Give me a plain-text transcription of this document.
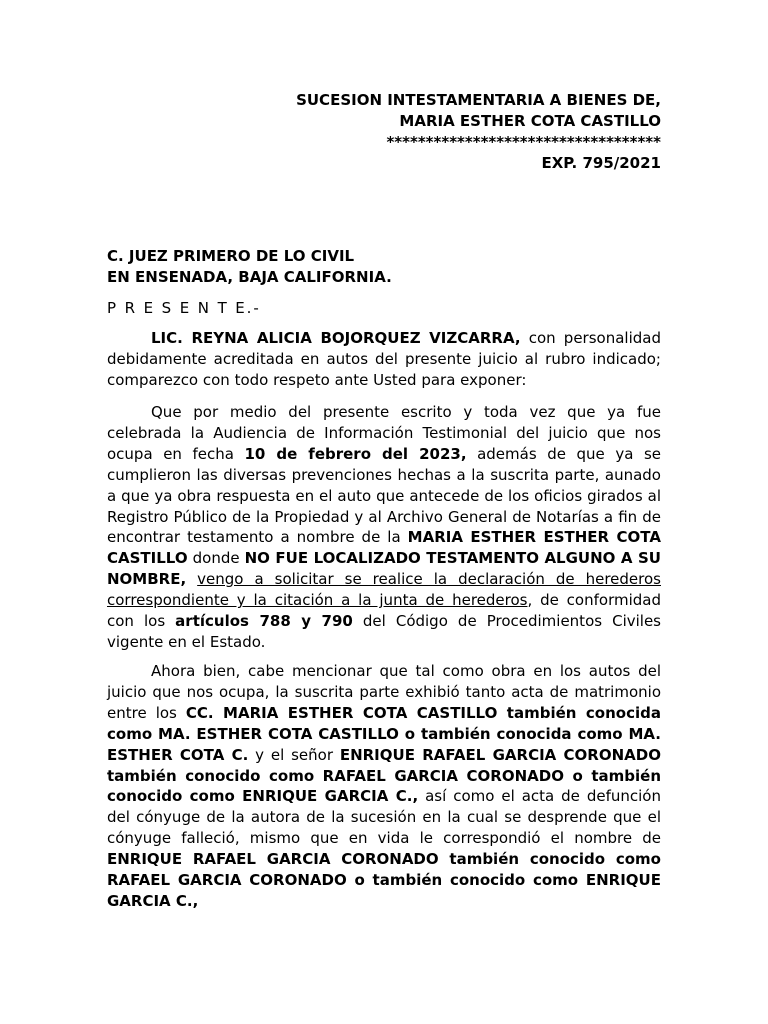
SUCESION INTESTAMENTARIA A BIENES DE,
MARIA ESTHER COTA CASTILLO
***********************************
EXP. 795/2021
C. JUEZ PRIMERO DE LO CIVIL
EN ENSENADA, BAJA CALIFORNIA.
P R E S E N T E.-

LIC. REYNA ALICIA BOJORQUEZ VIZCARRA, con personalidad debidamente acreditada en autos del presente juicio al rubro indicado; comparezco con todo respeto ante Usted para exponer:

Que por medio del presente escrito y toda vez que ya fue celebrada la Audiencia de Información Testimonial del juicio que nos ocupa en fecha 10 de febrero del 2023, además de que ya se cumplieron las diversas prevenciones hechas a la suscrita parte, aunado a que ya obra respuesta en el auto que antecede de los oficios girados al Registro Público de la Propiedad y al Archivo General de Notarías a fin de encontrar testamento a nombre de la MARIA ESTHER ESTHER COTA CASTILLO donde NO FUE LOCALIZADO TESTAMENTO ALGUNO A SU NOMBRE, vengo a solicitar se realice la declaración de herederos correspondiente y la citación a la junta de herederos, de conformidad con los artículos 788 y 790 del Código de Procedimientos Civiles vigente en el Estado.

Ahora bien, cabe mencionar que tal como obra en los autos del juicio que nos ocupa, la suscrita parte exhibió tanto acta de matrimonio entre los CC. MARIA ESTHER COTA CASTILLO también conocida como MA. ESTHER COTA CASTILLO o también conocida como MA. ESTHER COTA C. y el señor ENRIQUE RAFAEL GARCIA CORONADO también conocido como RAFAEL GARCIA CORONADO o también conocido como ENRIQUE GARCIA C., así como el acta de defunción del cónyuge de la autora de la sucesión en la cual se desprende que el cónyuge falleció, mismo que en vida le correspondió el nombre de ENRIQUE RAFAEL GARCIA CORONADO también conocido como RAFAEL GARCIA CORONADO o también conocido como ENRIQUE GARCIA C.,
